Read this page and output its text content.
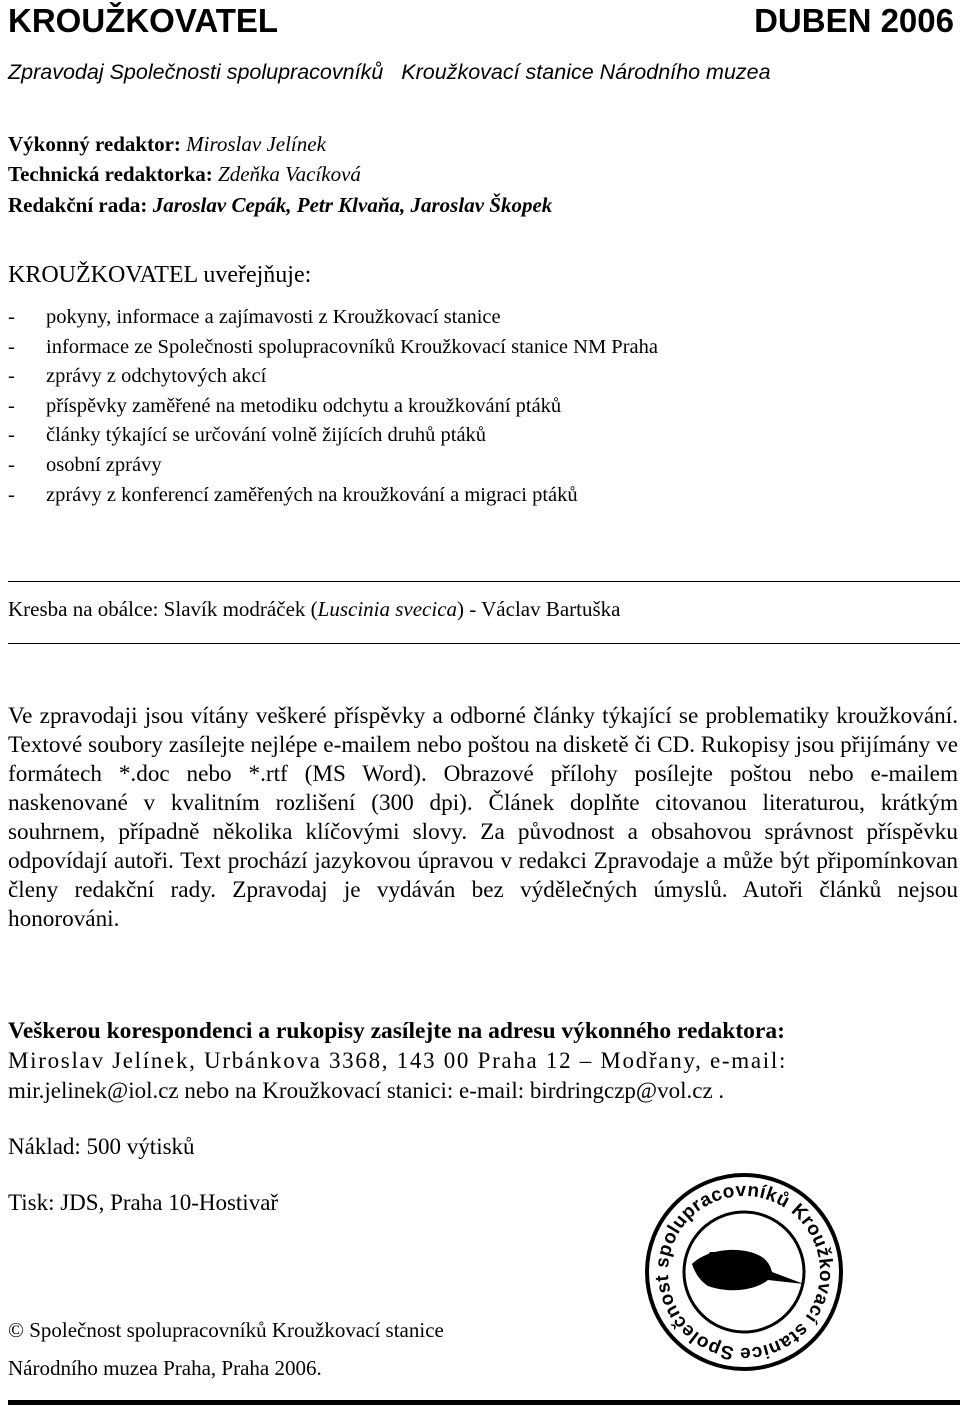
KROUŽKOVATEL	DUBEN 2006
Zpravodaj Společnosti spolupracovníků Kroužkovací stanice Národního muzea
Výkonný redaktor: Miroslav Jelínek
Technická redaktorka: Zdeňka Vacíková
Redakční rada: Jaroslav Cepák, Petr Klvaňa, Jaroslav Škopek
KROUŽKOVATEL uveřejňuje:
- pokyny, informace a zajímavosti z Kroužkovací stanice
- informace ze Společnosti spolupracovníků Kroužkovací stanice NM Praha
- zprávy z odchytových akcí
- příspěvky zaměřené na metodiku odchytu a kroužkování ptáků
- články týkající se určování volně žijících druhů ptáků
- osobní zprávy
- zprávy z konferencí zaměřených na kroužkování a migraci ptáků
Kresba na obálce: Slavík modráček (Luscinia svecica) - Václav Bartuška
Ve zpravodaji jsou vítány veškeré příspěvky a odborné články týkající se problematiky kroužkování. Textové soubory zasílejte nejlépe e-mailem nebo poštou na disketě či CD. Rukopisy jsou přijímány ve formátech *.doc nebo *.rtf (MS Word). Obrazové přílohy posílejte poštou nebo e-mailem naskenované v kvalitním rozlišení (300 dpi). Článek doplňte citovanou literaturou, krátkým souhrnem, případně několika klíčovými slovy. Za původnost a obsahovou správnost příspěvku odpovídají autoři. Text prochází jazykovou úpravou v redakci Zpravodaje a může být připomínkovan členy redakční rady. Zpravodaj je vydáván bez výdělečných úmyslů. Autoři článků nejsou honorováni.
Veškerou korespondenci a rukopisy zasílejte na adresu výkonného redaktora:
Miroslav Jelínek, Urbánkova 3368, 143 00 Praha 12 – Modřany, e-mail:
mir.jelinek@iol.cz nebo na Kroužkovací stanici: e-mail: birdringczp@vol.cz .
Náklad: 500 výtisků
Tisk: JDS, Praha 10-Hostivař
© Společnost spolupracovníků Kroužkovací stanice
Národního muzea Praha, Praha 2006.
Společnost spolupracovníků Kroužkovací stanice
